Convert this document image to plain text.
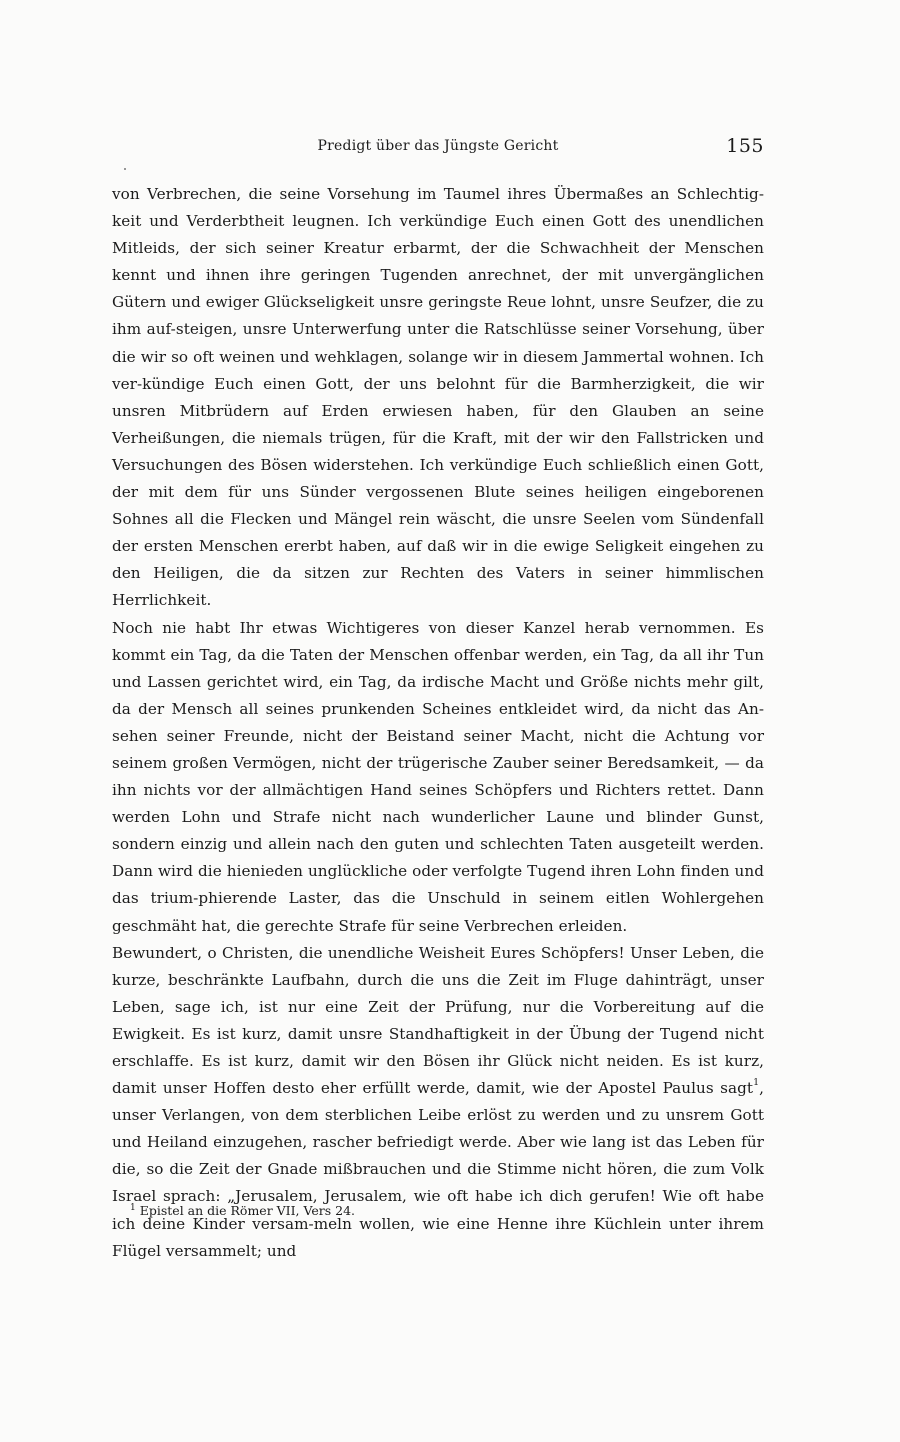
Predigt über das Jüngste Gericht	155

von Verbrechen, die seine Vorsehung im Taumel ihres Übermaßes an Schlechtig-keit und Verderbtheit leugnen. Ich verkündige Euch einen Gott des unendlichen Mitleids, der sich seiner Kreatur erbarmt, der die Schwachheit der Menschen kennt und ihnen ihre geringen Tugenden anrechnet, der mit unvergänglichen Gütern und ewiger Glückseligkeit unsre geringste Reue lohnt, unsre Seufzer, die zu ihm auf-steigen, unsre Unterwerfung unter die Ratschlüsse seiner Vorsehung, über die wir so oft weinen und wehklagen, solange wir in diesem Jammertal wohnen. Ich ver-kündige Euch einen Gott, der uns belohnt für die Barmherzigkeit, die wir unsren Mitbrüdern auf Erden erwiesen haben, für den Glauben an seine Verheißungen, die niemals trügen, für die Kraft, mit der wir den Fallstricken und Versuchungen des Bösen widerstehen. Ich verkündige Euch schließlich einen Gott, der mit dem für uns Sünder vergossenen Blute seines heiligen eingeborenen Sohnes all die Flecken und Mängel rein wäscht, die unsre Seelen vom Sündenfall der ersten Menschen ererbt haben, auf daß wir in die ewige Seligkeit eingehen zu den Heiligen, die da sitzen zur Rechten des Vaters in seiner himmlischen Herrlichkeit.

Noch nie habt Ihr etwas Wichtigeres von dieser Kanzel herab vernommen. Es kommt ein Tag, da die Taten der Menschen offenbar werden, ein Tag, da all ihr Tun und Lassen gerichtet wird, ein Tag, da irdische Macht und Größe nichts mehr gilt, da der Mensch all seines prunkenden Scheines entkleidet wird, da nicht das An-sehen seiner Freunde, nicht der Beistand seiner Macht, nicht die Achtung vor seinem großen Vermögen, nicht der trügerische Zauber seiner Beredsamkeit, — da ihn nichts vor der allmächtigen Hand seines Schöpfers und Richters rettet. Dann werden Lohn und Strafe nicht nach wunderlicher Laune und blinder Gunst, sondern einzig und allein nach den guten und schlechten Taten ausgeteilt werden. Dann wird die hienieden unglückliche oder verfolgte Tugend ihren Lohn finden und das trium-phierende Laster, das die Unschuld in seinem eitlen Wohlergehen geschmäht hat, die gerechte Strafe für seine Verbrechen erleiden.

Bewundert, o Christen, die unendliche Weisheit Eures Schöpfers! Unser Leben, die kurze, beschränkte Laufbahn, durch die uns die Zeit im Fluge dahinträgt, unser Leben, sage ich, ist nur eine Zeit der Prüfung, nur die Vorbereitung auf die Ewigkeit. Es ist kurz, damit unsre Standhaftigkeit in der Übung der Tugend nicht erschlaffe. Es ist kurz, damit wir den Bösen ihr Glück nicht neiden. Es ist kurz, damit unser Hoffen desto eher erfüllt werde, damit, wie der Apostel Paulus sagt$^1$, unser Verlangen, von dem sterblichen Leibe erlöst zu werden und zu unsrem Gott und Heiland einzugehen, rascher befriedigt werde. Aber wie lang ist das Leben für die, so die Zeit der Gnade mißbrauchen und die Stimme nicht hören, die zum Volk Israel sprach: „Jerusalem, Jerusalem, wie oft habe ich dich gerufen! Wie oft habe ich deine Kinder versam-meln wollen, wie eine Henne ihre Küchlein unter ihrem Flügel versammelt; und

$^1$ Epistel an die Römer VII, Vers 24.
